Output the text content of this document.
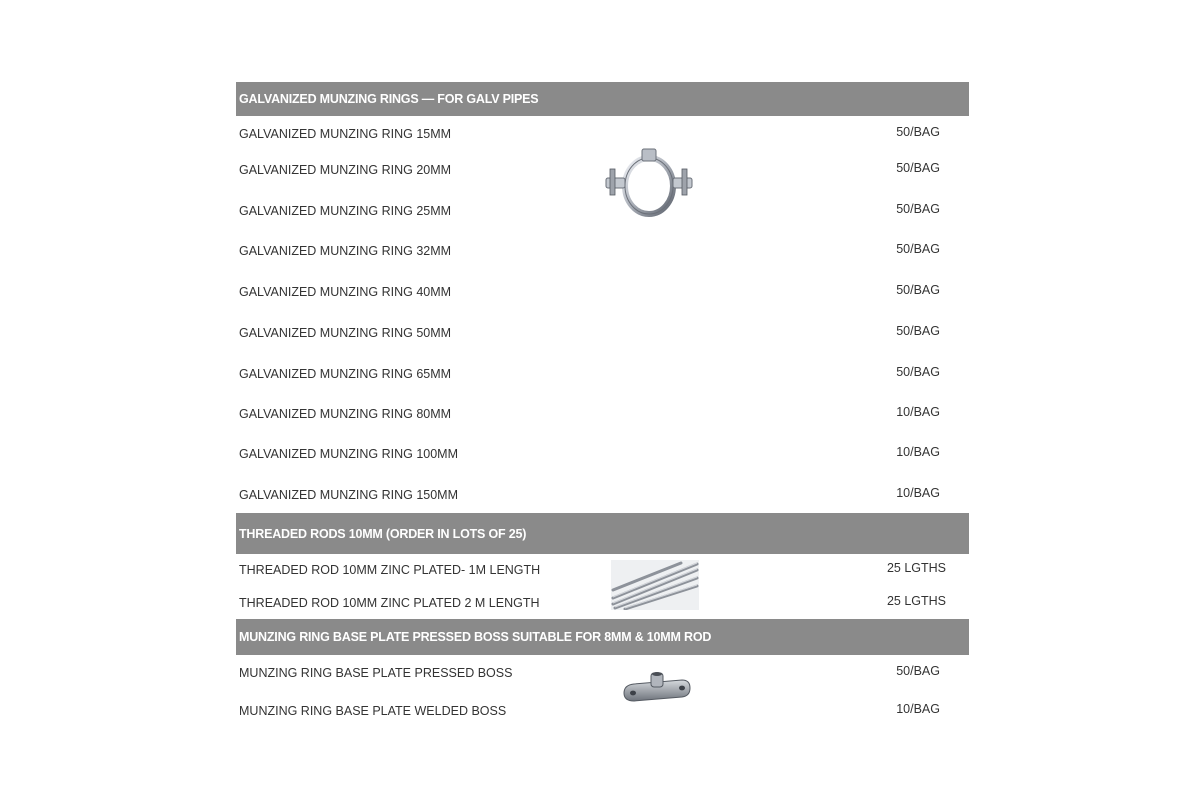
GALVANIZED MUNZING RINGS — FOR GALV PIPES
GALVANIZED MUNZING RING 15MM	50/BAG
GALVANIZED MUNZING RING 20MM	50/BAG
GALVANIZED MUNZING RING 25MM	50/BAG
GALVANIZED MUNZING RING 32MM	50/BAG
GALVANIZED MUNZING RING 40MM	50/BAG
GALVANIZED MUNZING RING 50MM	50/BAG
GALVANIZED MUNZING RING 65MM	50/BAG
GALVANIZED MUNZING RING 80MM	10/BAG
GALVANIZED MUNZING RING 100MM	10/BAG
GALVANIZED MUNZING RING 150MM	10/BAG
THREADED RODS 10MM (ORDER IN LOTS OF 25)
THREADED ROD 10MM ZINC PLATED- 1M LENGTH	25 LGTHS
THREADED ROD 10MM ZINC PLATED 2 M LENGTH	25 LGTHS
MUNZING RING BASE PLATE PRESSED BOSS SUITABLE FOR 8MM & 10MM ROD
MUNZING RING BASE PLATE PRESSED BOSS	50/BAG
MUNZING RING BASE PLATE WELDED BOSS	10/BAG
